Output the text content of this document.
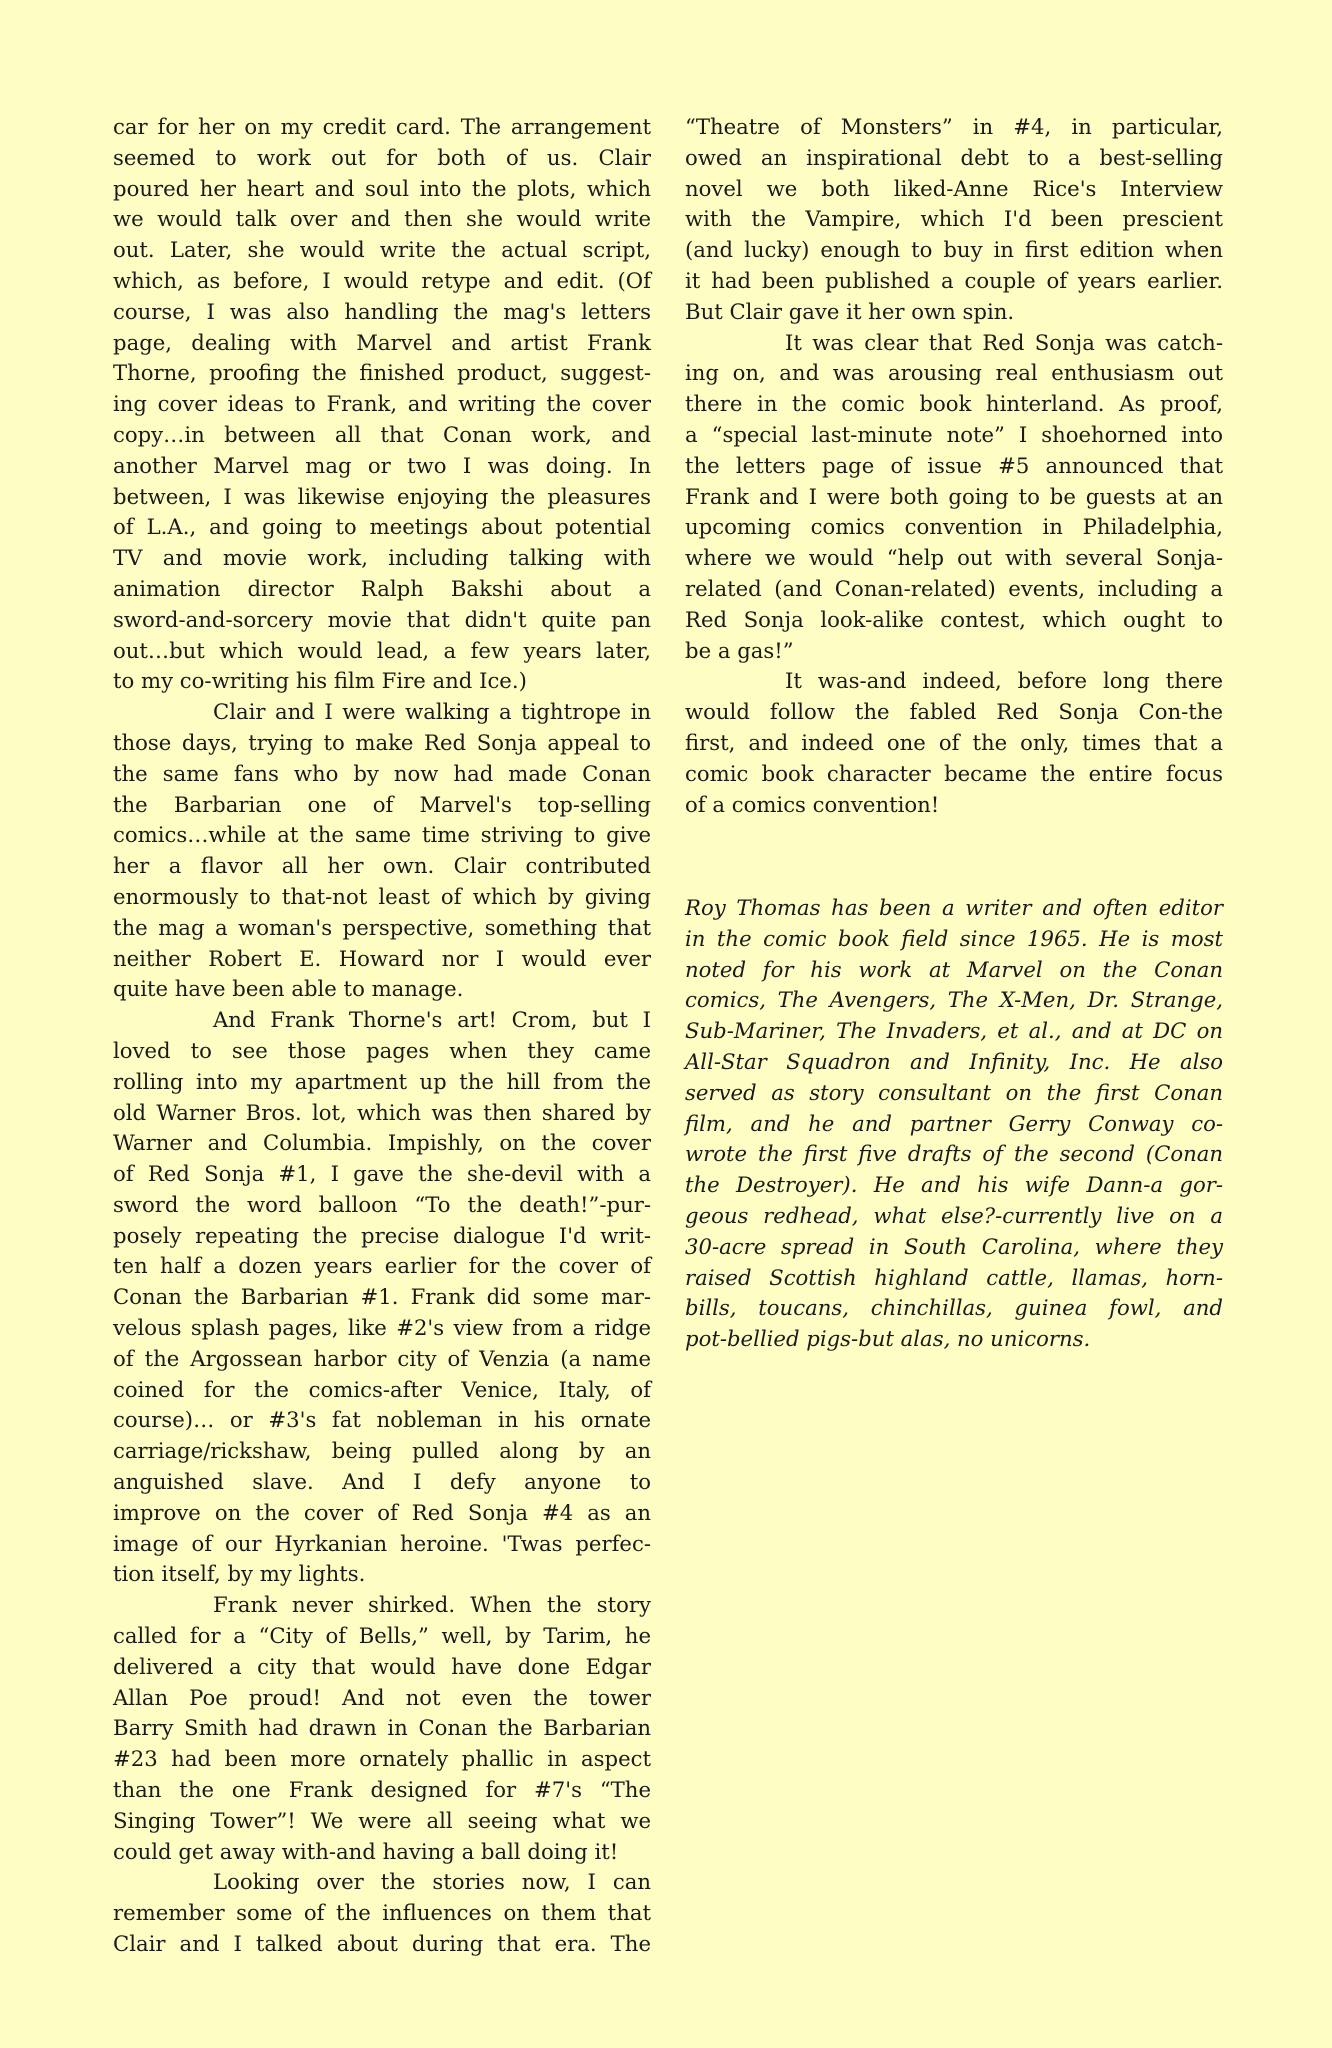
car for her on my credit card. The arrangement
seemed to work out for both of us. Clair
poured her heart and soul into the plots, which
we would talk over and then she would write
out. Later, she would write the actual script,
which, as before, I would retype and edit. (Of
course, I was also handling the mag's letters
page, dealing with Marvel and artist Frank
Thorne, proofing the finished product, suggest-
ing cover ideas to Frank, and writing the cover
copy…in between all that Conan work, and
another Marvel mag or two I was doing. In
between, I was likewise enjoying the pleasures
of L.A., and going to meetings about potential
TV and movie work, including talking with
animation director Ralph Bakshi about a
sword-and-sorcery movie that didn't quite pan
out…but which would lead, a few years later,
to my co-writing his film Fire and Ice.)
Clair and I were walking a tightrope in
those days, trying to make Red Sonja appeal to
the same fans who by now had made Conan
the Barbarian one of Marvel's top-selling
comics…while at the same time striving to give
her a flavor all her own. Clair contributed
enormously to that-not least of which by giving
the mag a woman's perspective, something that
neither Robert E. Howard nor I would ever
quite have been able to manage.
And Frank Thorne's art! Crom, but I
loved to see those pages when they came
rolling into my apartment up the hill from the
old Warner Bros. lot, which was then shared by
Warner and Columbia. Impishly, on the cover
of Red Sonja #1, I gave the she-devil with a
sword the word balloon “To the death!”-pur-
posely repeating the precise dialogue I'd writ-
ten half a dozen years earlier for the cover of
Conan the Barbarian #1. Frank did some mar-
velous splash pages, like #2's view from a ridge
of the Argossean harbor city of Venzia (a name
coined for the comics-after Venice, Italy, of
course)… or #3's fat nobleman in his ornate
carriage/rickshaw, being pulled along by an
anguished slave. And I defy anyone to
improve on the cover of Red Sonja #4 as an
image of our Hyrkanian heroine. 'Twas perfec-
tion itself, by my lights.
Frank never shirked. When the story
called for a “City of Bells,” well, by Tarim, he
delivered a city that would have done Edgar
Allan Poe proud! And not even the tower
Barry Smith had drawn in Conan the Barbarian
#23 had been more ornately phallic in aspect
than the one Frank designed for #7's “The
Singing Tower”! We were all seeing what we
could get away with-and having a ball doing it!
Looking over the stories now, I can
remember some of the influences on them that
Clair and I talked about during that era. The
“Theatre of Monsters” in #4, in particular,
owed an inspirational debt to a best-selling
novel we both liked-Anne Rice's Interview
with the Vampire, which I'd been prescient
(and lucky) enough to buy in first edition when
it had been published a couple of years earlier.
But Clair gave it her own spin.
It was clear that Red Sonja was catch-
ing on, and was arousing real enthusiasm out
there in the comic book hinterland. As proof,
a “special last-minute note” I shoehorned into
the letters page of issue #5 announced that
Frank and I were both going to be guests at an
upcoming comics convention in Philadelphia,
where we would “help out with several Sonja-
related (and Conan-related) events, including a
Red Sonja look-alike contest, which ought to
be a gas!”
It was-and indeed, before long there
would follow the fabled Red Sonja Con-the
first, and indeed one of the only, times that a
comic book character became the entire focus
of a comics convention!
Roy Thomas has been a writer and often editor
in the comic book field since 1965. He is most
noted for his work at Marvel on the Conan
comics, The Avengers, The X-Men, Dr. Strange,
Sub-Mariner, The Invaders, et al., and at DC on
All-Star Squadron and Infinity, Inc. He also
served as story consultant on the first Conan
film, and he and partner Gerry Conway co-
wrote the first five drafts of the second (Conan
the Destroyer). He and his wife Dann-a gor-
geous redhead, what else?-currently live on a
30-acre spread in South Carolina, where they
raised Scottish highland cattle, llamas, horn-
bills, toucans, chinchillas, guinea fowl, and
pot-bellied pigs-but alas, no unicorns.
